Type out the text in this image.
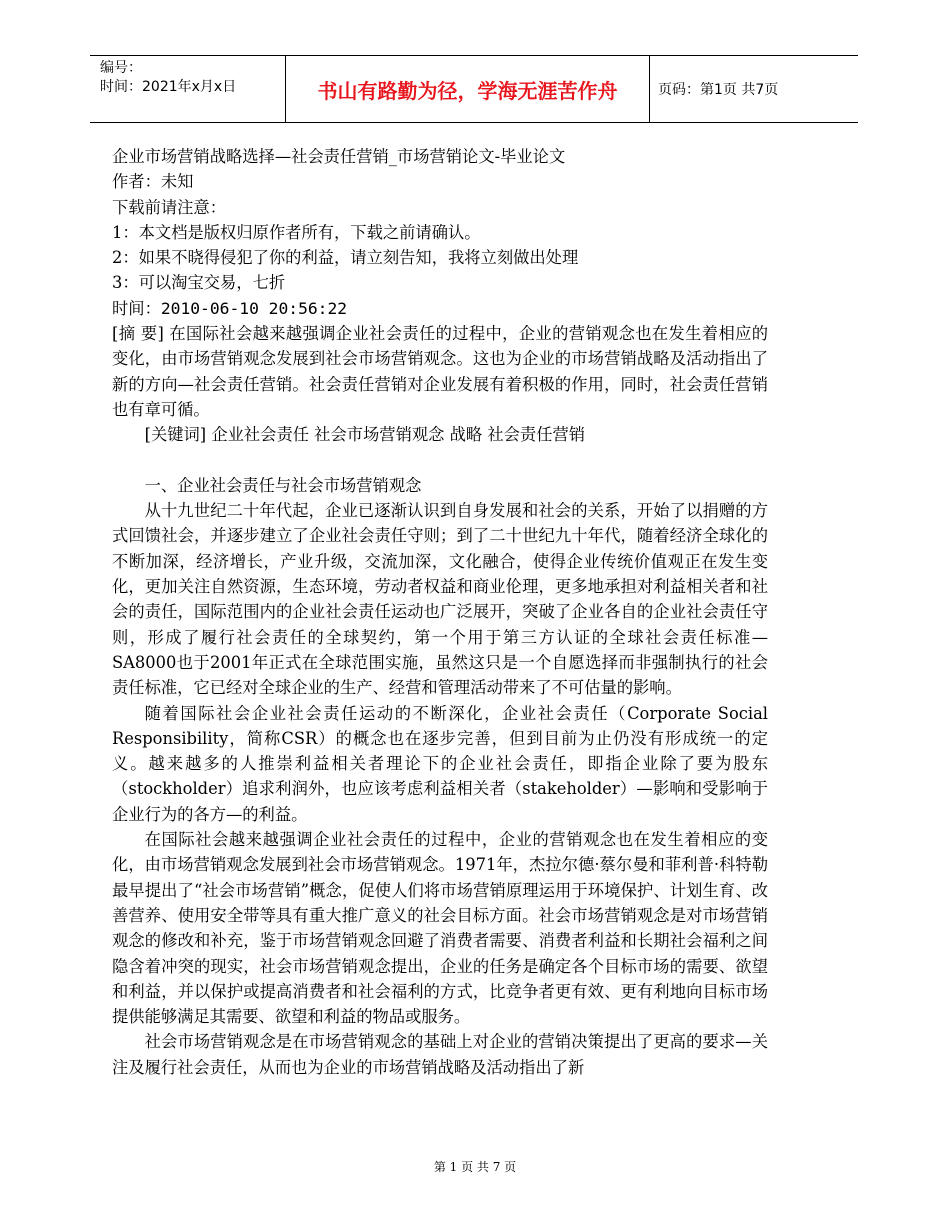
编号：
时间：2021年x月x日	书山有路勤为径，学海无涯苦作舟	页码：第1页 共7页

企业市场营销战略选择—社会责任营销_市场营销论文-毕业论文

作者：未知

下载前请注意：

1：本文档是版权归原作者所有，下载之前请确认。

2：如果不晓得侵犯了你的利益，请立刻告知，我将立刻做出处理

3：可以淘宝交易，七折

时间：2010-06-10 20:56:22

[摘 要] 在国际社会越来越强调企业社会责任的过程中，企业的营销观念也在发生着相应的变化，由市场营销观念发展到社会市场营销观念。这也为企业的市场营销战略及活动指出了新的方向—社会责任营销。社会责任营销对企业发展有着积极的作用，同时，社会责任营销也有章可循。

[关键词] 企业社会责任 社会市场营销观念 战略 社会责任营销

一、企业社会责任与社会市场营销观念

从十九世纪二十年代起，企业已逐渐认识到自身发展和社会的关系，开始了以捐赠的方式回馈社会，并逐步建立了企业社会责任守则；到了二十世纪九十年代，随着经济全球化的不断加深，经济增长，产业升级，交流加深，文化融合，使得企业传统价值观正在发生变化，更加关注自然资源，生态环境，劳动者权益和商业伦理，更多地承担对利益相关者和社会的责任，国际范围内的企业社会责任运动也广泛展开，突破了企业各自的企业社会责任守则，形成了履行社会责任的全球契约，第一个用于第三方认证的全球社会责任标准—SA8000也于2001年正式在全球范围实施，虽然这只是一个自愿选择而非强制执行的社会责任标准，它已经对全球企业的生产、经营和管理活动带来了不可估量的影响。

随着国际社会企业社会责任运动的不断深化，企业社会责任（Corporate Social Responsibility，简称CSR）的概念也在逐步完善，但到目前为止仍没有形成统一的定义。越来越多的人推崇利益相关者理论下的企业社会责任，即指企业除了要为股东（stockholder）追求利润外，也应该考虑利益相关者（stakeholder）—影响和受影响于企业行为的各方—的利益。

在国际社会越来越强调企业社会责任的过程中，企业的营销观念也在发生着相应的变化，由市场营销观念发展到社会市场营销观念。1971年，杰拉尔德·蔡尔曼和菲利普·科特勒最早提出了“社会市场营销”概念，促使人们将市场营销原理运用于环境保护、计划生育、改善营养、使用安全带等具有重大推广意义的社会目标方面。社会市场营销观念是对市场营销观念的修改和补充，鉴于市场营销观念回避了消费者需要、消费者利益和长期社会福利之间隐含着冲突的现实，社会市场营销观念提出，企业的任务是确定各个目标市场的需要、欲望和利益，并以保护或提高消费者和社会福利的方式，比竞争者更有效、更有利地向目标市场提供能够满足其需要、欲望和利益的物品或服务。

社会市场营销观念是在市场营销观念的基础上对企业的营销决策提出了更高的要求—关注及履行社会责任，从而也为企业的市场营销战略及活动指出了新

第 1 页 共 7 页
